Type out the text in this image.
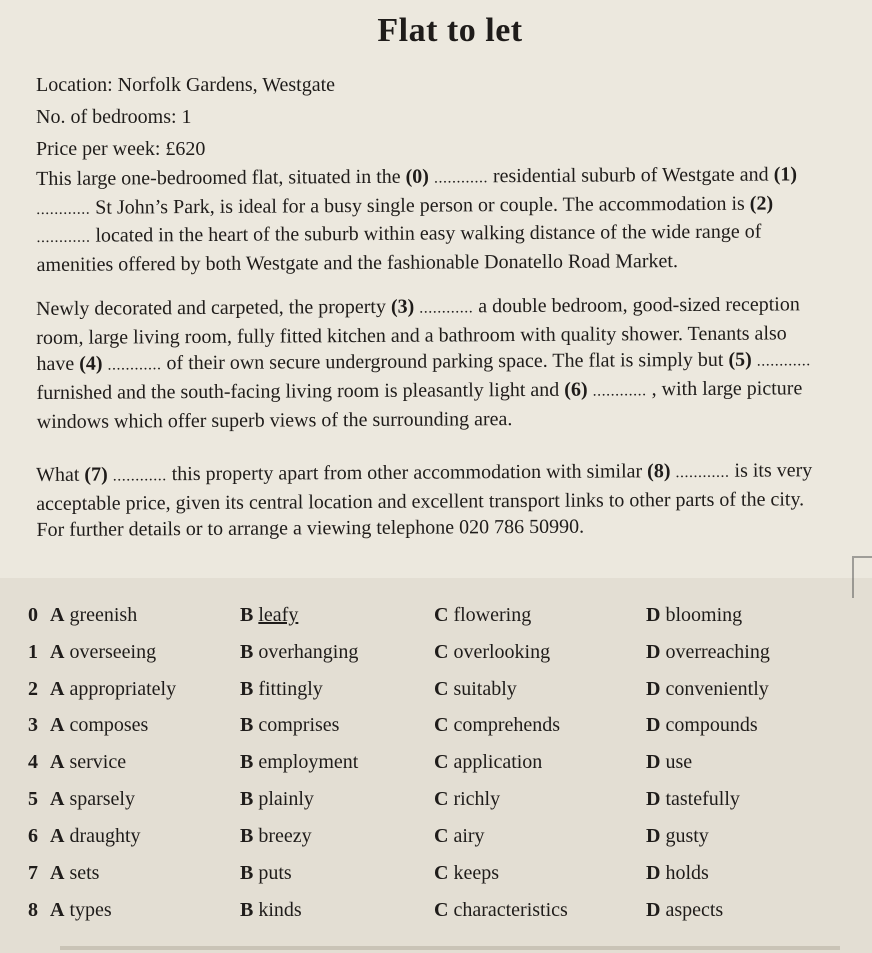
Flat to let
Location: Norfolk Gardens, Westgate
No. of bedrooms: 1
Price per week: £620

This large one-bedroomed flat, situated in the (0) ............ residential suburb of Westgate and (1) ............ St John’s Park, is ideal for a busy single person or couple. The accommodation is (2) ............ located in the heart of the suburb within easy walking distance of the wide range of amenities offered by both Westgate and the fashionable Donatello Road Market.

Newly decorated and carpeted, the property (3) ............ a double bedroom, good-sized reception room, large living room, fully fitted kitchen and a bathroom with quality shower. Tenants also have (4) ............ of their own secure underground parking space. The flat is simply but (5) ............ furnished and the south-facing living room is pleasantly light and (6) ............ , with large picture windows which offer superb views of the surrounding area.

What (7) ............ this property apart from other accommodation with similar (8) ............ is its very acceptable price, given its central location and excellent transport links to other parts of the city. For further details or to arrange a viewing telephone 020 786 50990.

0 A greenish	B leafy	C flowering	D blooming
1 A overseeing	B overhanging	C overlooking	D overreaching
2 A appropriately	B fittingly	C suitably	D conveniently
3 A composes	B comprises	C comprehends	D compounds
4 A service	B employment	C application	D use
5 A sparsely	B plainly	C richly	D tastefully
6 A draughty	B breezy	C airy	D gusty
7 A sets	B puts	C keeps	D holds
8 A types	B kinds	C characteristics	D aspects
